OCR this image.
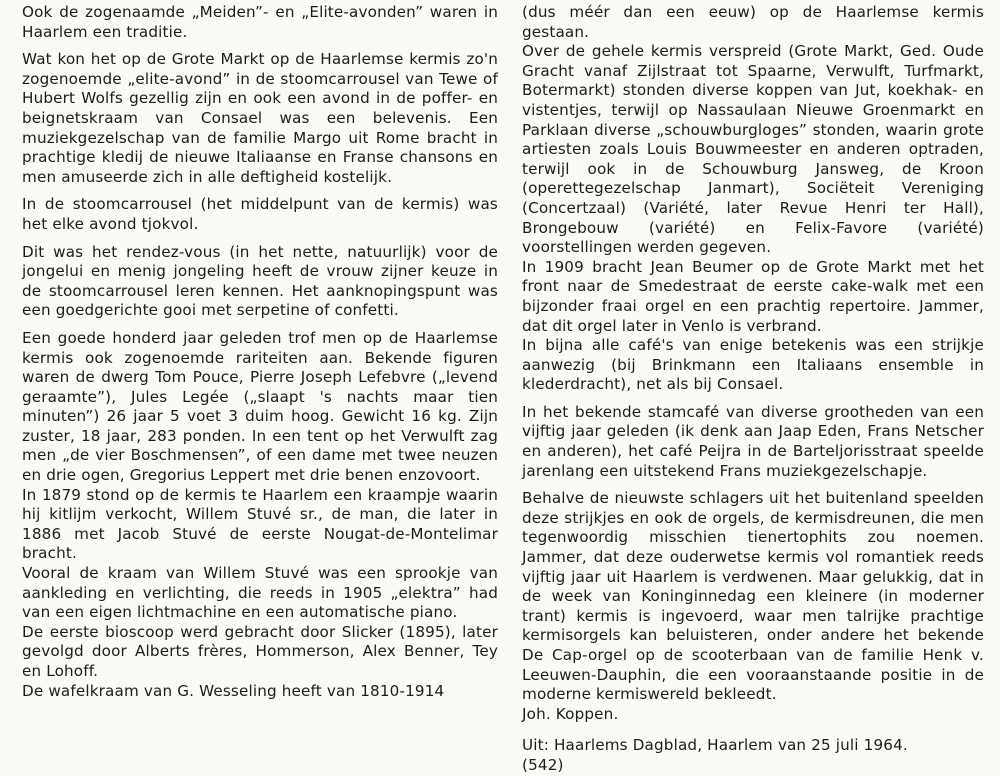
Ook de zogenaamde „Meiden”- en „Elite-avonden” waren in Haarlem een traditie.

Wat kon het op de Grote Markt op de Haarlemse kermis zo'n zogenoemde „elite-avond” in de stoomcarrousel van Tewe of Hubert Wolfs gezellig zijn en ook een avond in de poffer- en beignetskraam van Consael was een belevenis. Een muziekgezelschap van de familie Margo uit Rome bracht in prachtige kledij de nieuwe Italiaanse en Franse chansons en men amuseerde zich in alle deftigheid kostelijk.

In de stoomcarrousel (het middelpunt van de kermis) was het elke avond tjokvol.

Dit was het rendez-vous (in het nette, natuurlijk) voor de jongelui en menig jongeling heeft de vrouw zijner keuze in de stoomcarrousel leren kennen. Het aanknopingspunt was een goedgerichte gooi met serpetine of confetti.

Een goede honderd jaar geleden trof men op de Haarlemse kermis ook zogenoemde rariteiten aan. Bekende figuren waren de dwerg Tom Pouce, Pierre Joseph Lefebvre („levend geraamte”), Jules Legée („slaapt 's nachts maar tien minuten”) 26 jaar 5 voet 3 duim hoog. Gewicht 16 kg. Zijn zuster, 18 jaar, 283 ponden. In een tent op het Verwulft zag men „de vier Boschmensen”, of een dame met twee neuzen en drie ogen, Gregorius Leppert met drie benen enzovoort.

In 1879 stond op de kermis te Haarlem een kraampje waarin hij kitlijm verkocht, Willem Stuvé sr., de man, die later in 1886 met Jacob Stuvé de eerste Nougat-de-Montelimar bracht.

Vooral de kraam van Willem Stuvé was een sprookje van aankleding en verlichting, die reeds in 1905 „elektra” had van een eigen lichtmachine en een automatische piano.

De eerste bioscoop werd gebracht door Slicker (1895), later gevolgd door Alberts frères, Hommerson, Alex Benner, Tey en Lohoff.

De wafelkraam van G. Wesseling heeft van 1810-1914

(dus méér dan een eeuw) op de Haarlemse kermis gestaan.

Over de gehele kermis verspreid (Grote Markt, Ged. Oude Gracht vanaf Zijlstraat tot Spaarne, Verwulft, Turfmarkt, Botermarkt) stonden diverse koppen van Jut, koekhak- en vistentjes, terwijl op Nassaulaan Nieuwe Groenmarkt en Parklaan diverse „schouwburgloges” stonden, waarin grote artiesten zoals Louis Bouwmeester en anderen optraden, terwijl ook in de Schouwburg Jansweg, de Kroon (operettegezelschap Janmart), Sociëteit Vereniging (Concertzaal) (Variété, later Revue Henri ter Hall), Brongebouw (variété) en Felix-Favore (variété) voorstellingen werden gegeven.

In 1909 bracht Jean Beumer op de Grote Markt met het front naar de Smedestraat de eerste cake-walk met een bijzonder fraai orgel en een prachtig repertoire. Jammer, dat dit orgel later in Venlo is verbrand.

In bijna alle café's van enige betekenis was een strijkje aanwezig (bij Brinkmann een Italiaans ensemble in klederdracht), net als bij Consael.

In het bekende stamcafé van diverse grootheden van een vijftig jaar geleden (ik denk aan Jaap Eden, Frans Netscher en anderen), het café Peijra in de Barteljorisstraat speelde jarenlang een uitstekend Frans muziekgezelschapje.

Behalve de nieuwste schlagers uit het buitenland speelden deze strijkjes en ook de orgels, de kermisdreunen, die men tegenwoordig misschien tienertophits zou noemen. Jammer, dat deze ouderwetse kermis vol romantiek reeds vijftig jaar uit Haarlem is verdwenen. Maar gelukkig, dat in de week van Koninginnedag een kleinere (in moderner trant) kermis is ingevoerd, waar men talrijke prachtige kermisorgels kan beluisteren, onder andere het bekende De Cap-orgel op de scooterbaan van de familie Henk v. Leeuwen-Dauphin, die een vooraanstaande positie in de moderne kermiswereld bekleedt.

Joh. Koppen.

Uit: Haarlems Dagblad, Haarlem van 25 juli 1964.

(542)
